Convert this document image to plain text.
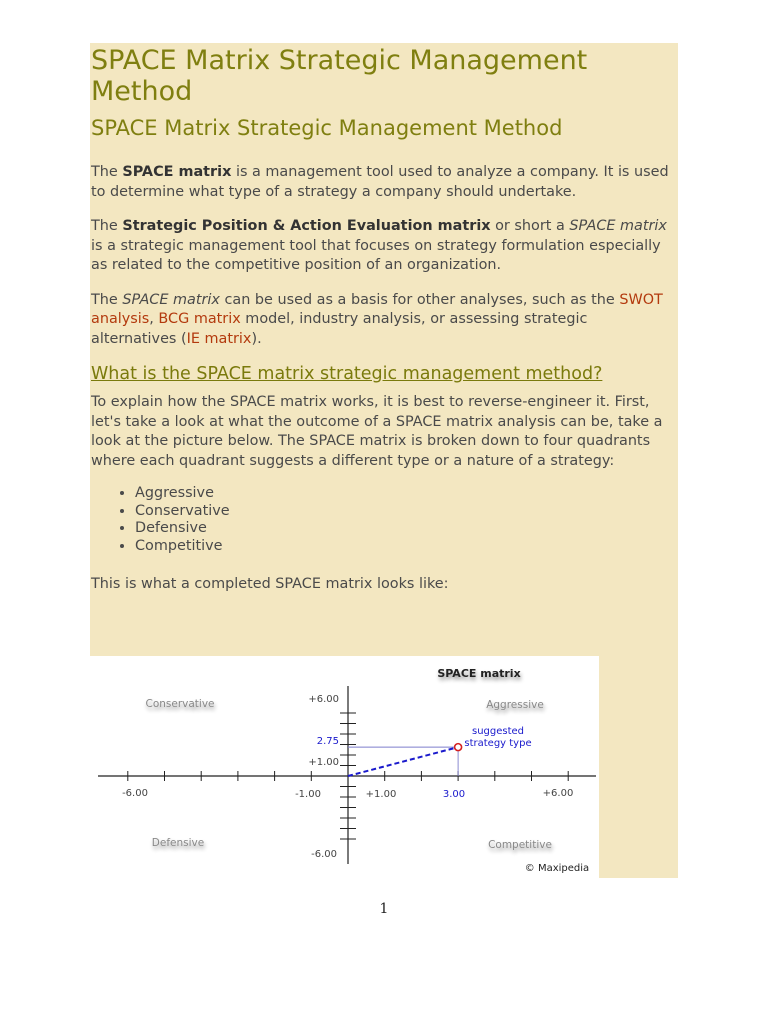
SPACE Matrix Strategic Management Method
SPACE Matrix Strategic Management Method

The SPACE matrix is a management tool used to analyze a company. It is used to determine what type of a strategy a company should undertake.

The Strategic Position & Action Evaluation matrix or short a SPACE matrix is a strategic management tool that focuses on strategy formulation especially as related to the competitive position of an organization.

The SPACE matrix can be used as a basis for other analyses, such as the SWOT analysis, BCG matrix model, industry analysis, or assessing strategic alternatives (IE matrix).

What is the SPACE matrix strategic management method?

To explain how the SPACE matrix works, it is best to reverse-engineer it. First, let's take a look at what the outcome of a SPACE matrix analysis can be, take a look at the picture below. The SPACE matrix is broken down to four quadrants where each quadrant suggests a different type or a nature of a strategy:

• Aggressive
• Conservative
• Defensive
• Competitive

This is what a completed SPACE matrix looks like:

SPACE matrix
Conservative	Aggressive
Defensive	Competitive
-6.00	-1.00	+1.00	3.00	+6.00
+6.00
2.75
+1.00
-6.00
suggested
strategy type
© Maxipedia
1
